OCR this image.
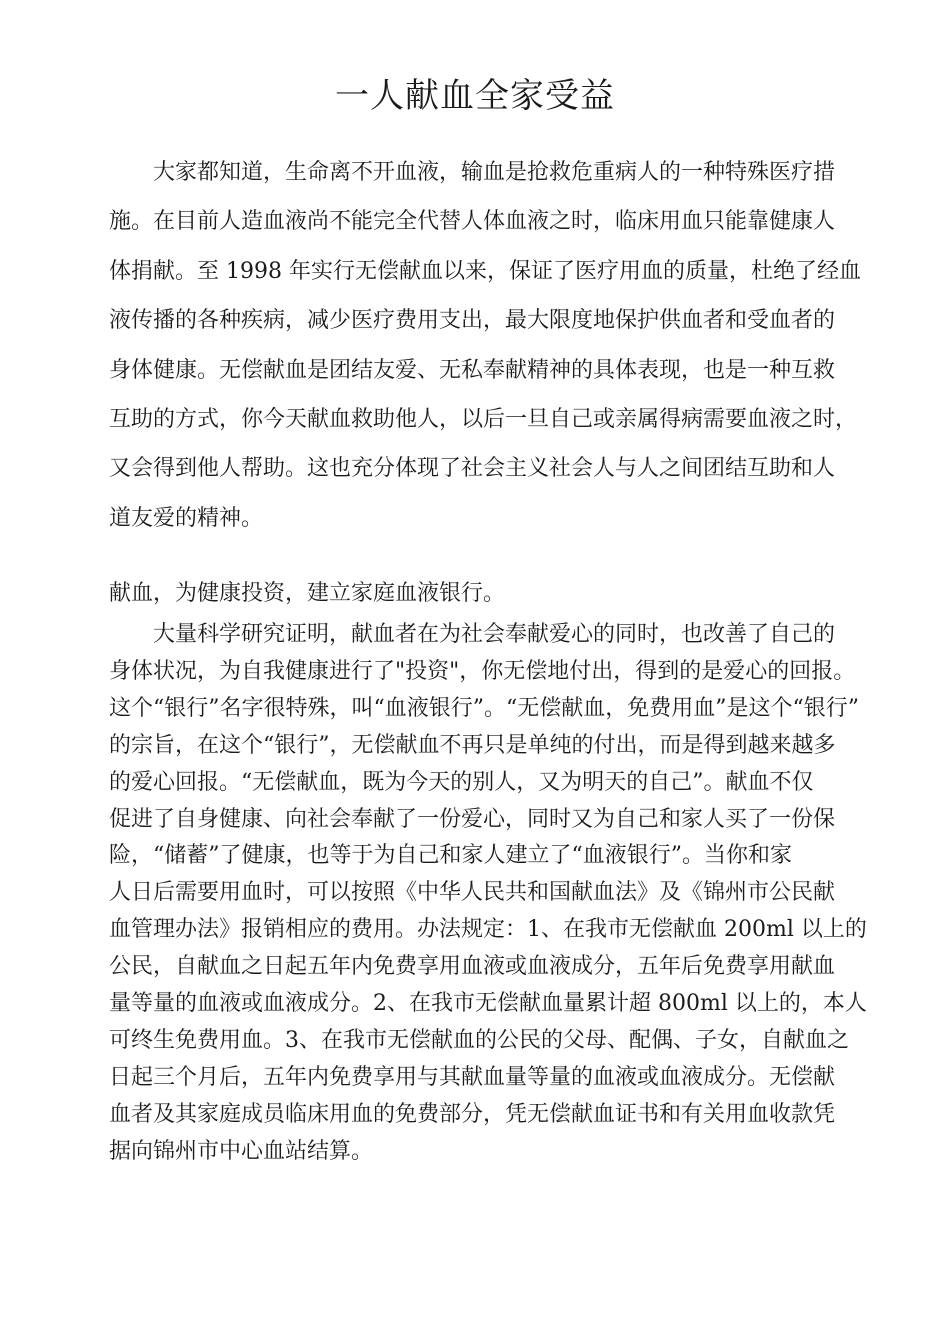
一人献血全家受益
大家都知道，生命离不开血液，输血是抢救危重病人的一种特殊医疗措
施。在目前人造血液尚不能完全代替人体血液之时，临床用血只能靠健康人
体捐献。至 1998 年实行无偿献血以来，保证了医疗用血的质量，杜绝了经血
液传播的各种疾病，减少医疗费用支出，最大限度地保护供血者和受血者的
身体健康。无偿献血是团结友爱、无私奉献精神的具体表现，也是一种互救
互助的方式，你今天献血救助他人，以后一旦自己或亲属得病需要血液之时，
又会得到他人帮助。这也充分体现了社会主义社会人与人之间团结互助和人
道友爱的精神。
献血，为健康投资，建立家庭血液银行。
大量科学研究证明，献血者在为社会奉献爱心的同时，也改善了自己的
身体状况，为自我健康进行了"投资"，你无偿地付出，得到的是爱心的回报。
这个“银行”名字很特殊，叫“血液银行”。“无偿献血，免费用血”是这个“银行”
的宗旨，在这个“银行”，无偿献血不再只是单纯的付出，而是得到越来越多
的爱心回报。“无偿献血，既为今天的别人，又为明天的自己”。献血不仅
促进了自身健康、向社会奉献了一份爱心，同时又为自己和家人买了一份保
险，“储蓄”了健康，也等于为自己和家人建立了“血液银行”。当你和家
人日后需要用血时，可以按照《中华人民共和国献血法》及《锦州市公民献
血管理办法》报销相应的费用。办法规定：1、在我市无偿献血 200ml 以上的
公民，自献血之日起五年内免费享用血液或血液成分，五年后免费享用献血
量等量的血液或血液成分。2、在我市无偿献血量累计超 800ml 以上的，本人
可终生免费用血。3、在我市无偿献血的公民的父母、配偶、子女，自献血之
日起三个月后，五年内免费享用与其献血量等量的血液或血液成分。无偿献
血者及其家庭成员临床用血的免费部分，凭无偿献血证书和有关用血收款凭
据向锦州市中心血站结算。
